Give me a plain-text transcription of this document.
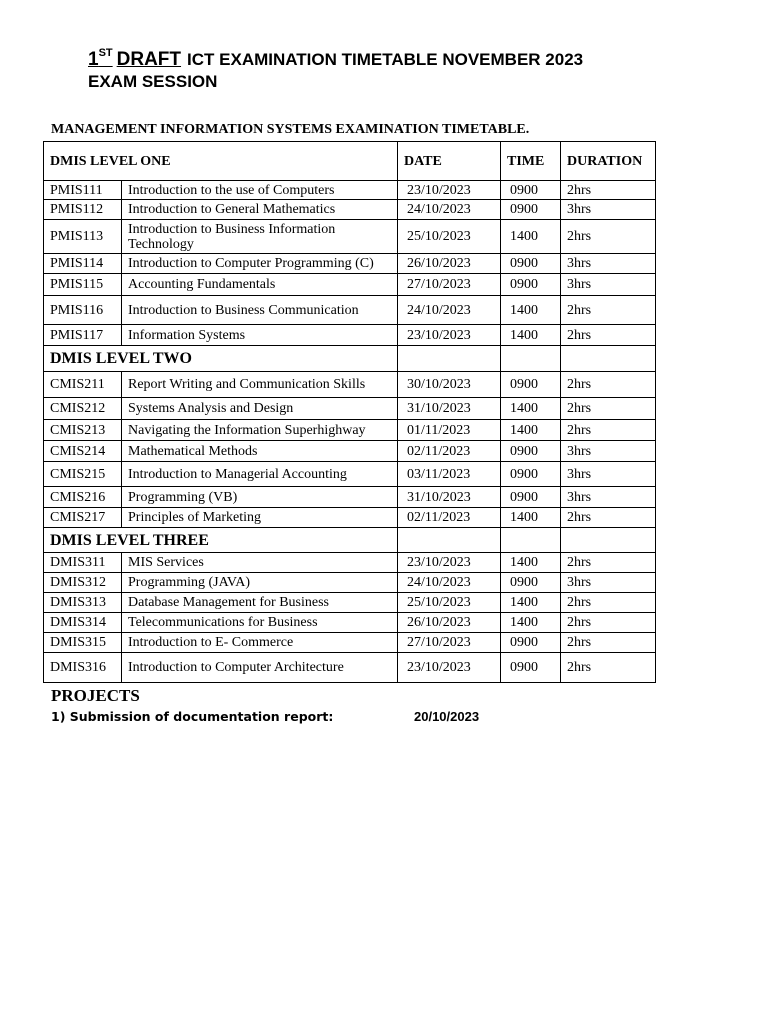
1ST DRAFT ICT EXAMINATION TIMETABLE NOVEMBER 2023
EXAM SESSION
MANAGEMENT INFORMATION SYSTEMS EXAMINATION TIMETABLE.
DMIS LEVEL ONE		DATE	TIME	DURATION
PMIS111	Introduction to the use of Computers	23/10/2023	0900	2hrs
PMIS112	Introduction to General Mathematics	24/10/2023	0900	3hrs
PMIS113	Introduction to Business Information Technology	25/10/2023	1400	2hrs
PMIS114	Introduction to Computer Programming (C)	26/10/2023	0900	3hrs
PMIS115	Accounting Fundamentals	27/10/2023	0900	3hrs
PMIS116	Introduction to Business Communication	24/10/2023	1400	2hrs
PMIS117	Information Systems	23/10/2023	1400	2hrs
DMIS LEVEL TWO				
CMIS211	Report Writing and Communication Skills	30/10/2023	0900	2hrs
CMIS212	Systems Analysis and Design	31/10/2023	1400	2hrs
CMIS213	Navigating the Information Superhighway	01/11/2023	1400	2hrs
CMIS214	Mathematical Methods	02/11/2023	0900	3hrs
CMIS215	Introduction to Managerial Accounting	03/11/2023	0900	3hrs
CMIS216	Programming (VB)	31/10/2023	0900	3hrs
CMIS217	Principles of Marketing	02/11/2023	1400	2hrs
DMIS LEVEL THREE				
DMIS311	MIS Services	23/10/2023	1400	2hrs
DMIS312	Programming (JAVA)	24/10/2023	0900	3hrs
DMIS313	Database Management for Business	25/10/2023	1400	2hrs
DMIS314	Telecommunications for Business	26/10/2023	1400	2hrs
DMIS315	Introduction to E- Commerce	27/10/2023	0900	2hrs
DMIS316	Introduction to Computer Architecture	23/10/2023	0900	2hrs
PROJECTS
1) Submission of documentation report:	20/10/2023
